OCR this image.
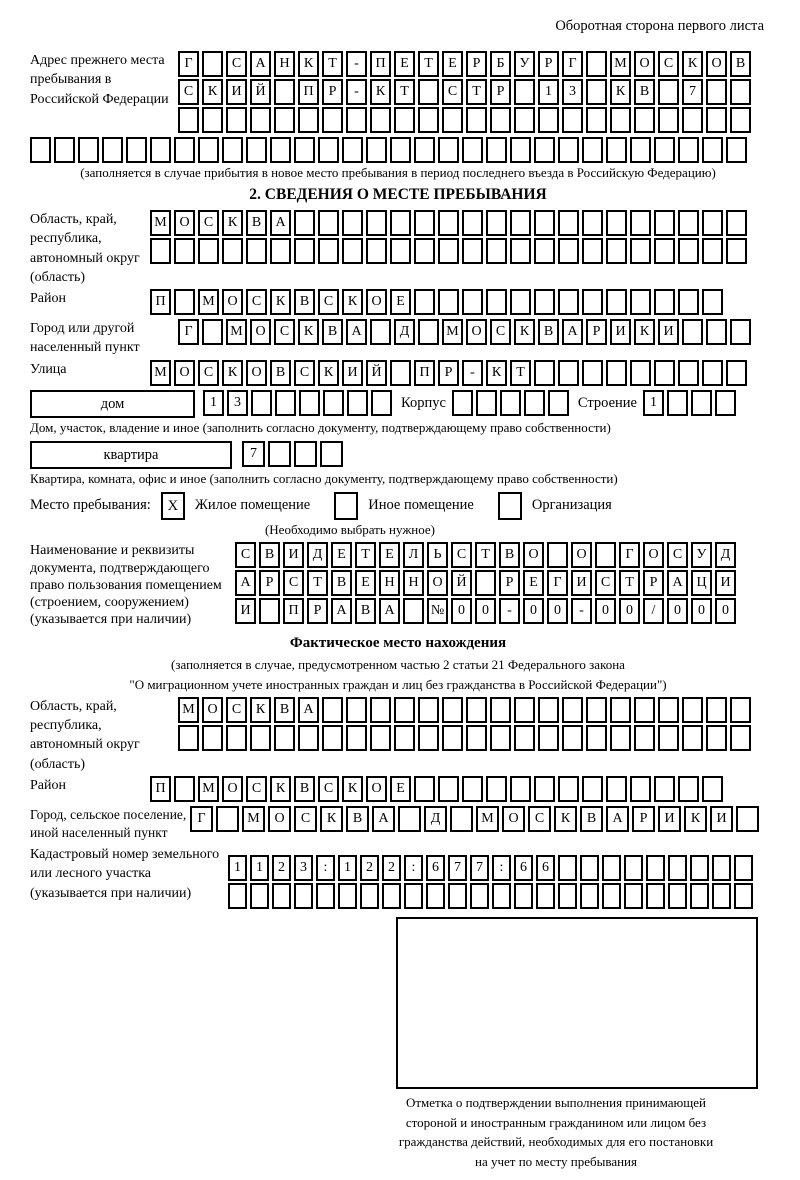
Оборотная сторона первого листа
Адрес прежнего места пребывания в Российской Федерации
Г	С А Н К Т - П Е Т Е Р Б У Р Г	М О С К О В
С К И Й	П Р - К Т	С Т Р	1 3	К В	7
(заполняется в случае прибытия в новое место пребывания в период последнего въезда в Российскую Федерацию)
2. СВЕДЕНИЯ О МЕСТЕ ПРЕБЫВАНИЯ
Область, край, республика, автономный округ (область)
М О С К В А
Район	П	М О С К В С К О Е
Город или другой населенный пункт
Г	М О С К В А	Д	М О С К В А Р И К И
Улица	М О С К О В С К И Й	П Р - К Т
дом	1 3	Корпус	Строение 1
Дом, участок, владение и иное (заполнить согласно документу, подтверждающему право собственности)
квартира	7
Квартира, комната, офис и иное (заполнить согласно документу, подтверждающему право собственности)
Место пребывания:	X	Жилое помещение	Иное помещение	Организация
(Необходимо выбрать нужное)
Наименование и реквизиты документа, подтверждающего право пользования помещением (строением, сооружением) (указывается при наличии)
С В И Д Е Т Е Л Ь С Т В О	О	Г О С У Д
А Р С Т В Е Н Н О Й	Р Е Г И С Т Р А Ц И
И	П Р А В А	№ 0 0 - 0 0 - 0 0 / 0 0 0
Фактическое место нахождения
(заполняется в случае, предусмотренном частью 2 статьи 21 Федерального закона
"О миграционном учете иностранных граждан и лиц без гражданства в Российской Федерации")
Область, край, республика, автономный округ (область)
М О С К В А
Район	П	М О С К В С К О Е
Город, сельское поселение, иной населенный пункт
Г	М О С К В А	Д	М О С К В А Р И К И
Кадастровый номер земельного или лесного участка (указывается при наличии)
1 1 2 3 : 1 2 2 : 6 7 7 : 6 6
Отметка о подтверждении выполнения принимающей
стороной и иностранным гражданином или лицом без
гражданства действий, необходимых для его постановки
на учет по месту пребывания
